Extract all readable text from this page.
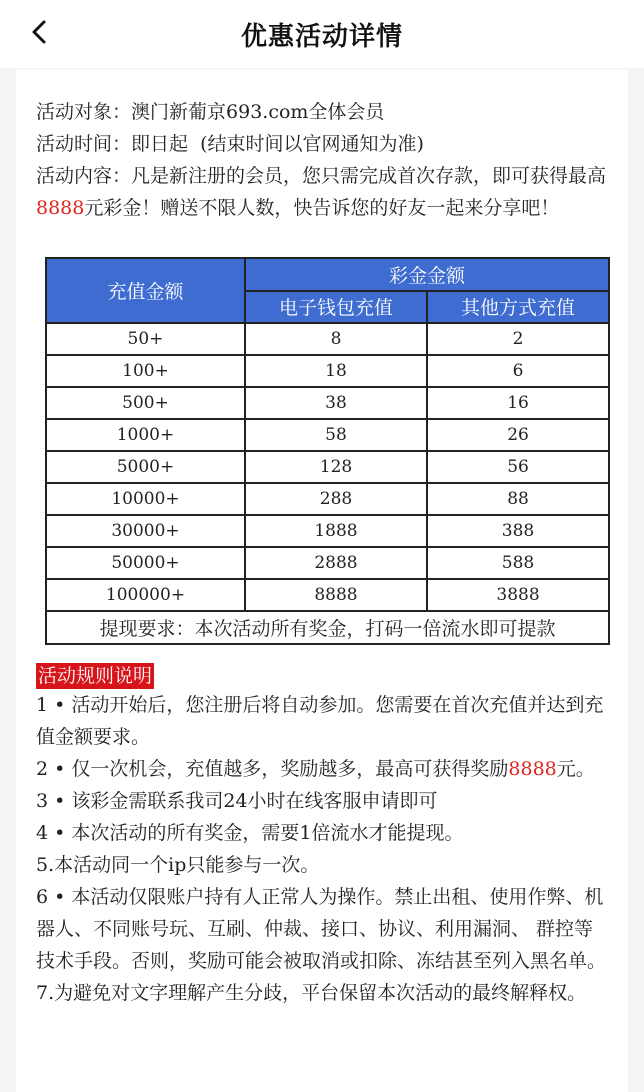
优惠活动详情

活动对象：澳门新葡京693.com全体会员

活动时间：即日起  (结束时间以官网通知为准)

活动内容：凡是新注册的会员，您只需完成首次存款，即可获得最高8888元彩金！赠送不限人数，快告诉您的好友一起来分享吧！

充值金额	彩金金额	
	电子钱包充值	其他方式充值
50+	8	2
100+	18	6
500+	38	16
1000+	58	26
5000+	128	56
10000+	288	88
30000+	1888	388
50000+	2888	588
100000+	8888	3888
提现要求：本次活动所有奖金，打码一倍流水即可提款		
活动规则说明

1 • 活动开始后，您注册后将自动参加。您需要在首次充值并达到充值金额要求。

2 • 仅一次机会，充值越多，奖励越多，最高可获得奖励8888元。

3 • 该彩金需联系我司24小时在线客服申请即可

4 • 本次活动的所有奖金，需要1倍流水才能提现。

5.本活动同一个ip只能参与一次。

6 • 本活动仅限账户持有人正常人为操作。禁止出租、使用作弊、机器人、不同账号玩、互刷、仲裁、接口、协议、利用漏洞、 群控等技术手段。否则，奖励可能会被取消或扣除、冻结甚至列入黑名单。

7.为避免对文字理解产生分歧，平台保留本次活动的最终解释权。
